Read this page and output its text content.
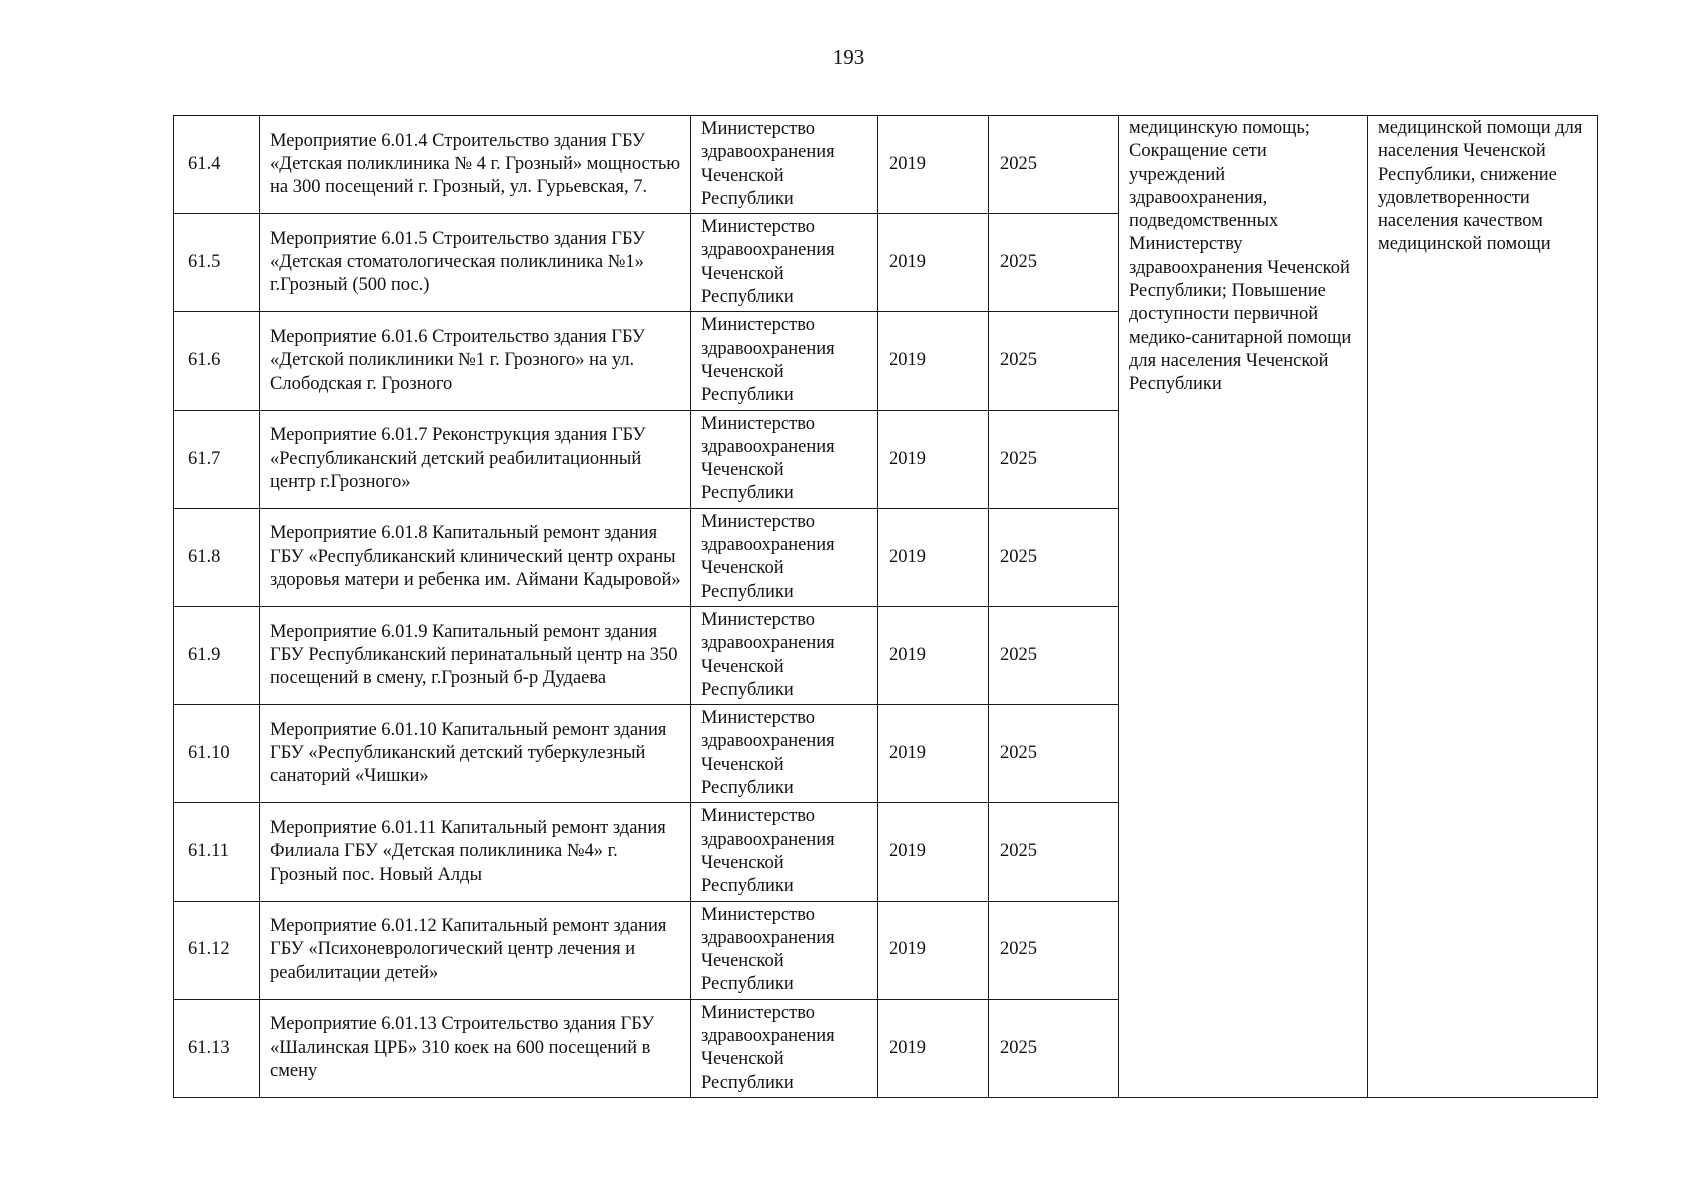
193
61.4	Мероприятие 6.01.4 Строительство здания ГБУ «Детская поликлиника № 4 г. Грозный» мощностью на 300 посещений г. Грозный, ул. Гурьевская, 7.	Министерство здравоохранения Чеченской Республики	2019	2025	медицинскую помощь; Сокращение сети учреждений здравоохранения, подведомственных Министерству здравоохранения Чеченской Республики; Повышение доступности первичной медико-санитарной помощи для населения Чеченской Республики	медицинской помощи для населения Чеченской Республики, снижение удовлетворенности населения качеством медицинской помощи
61.5	Мероприятие 6.01.5 Строительство здания ГБУ «Детская стоматологическая поликлиника №1» г.Грозный (500 пос.)	Министерство здравоохранения Чеченской Республики	2019	2025		
61.6	Мероприятие 6.01.6 Строительство здания ГБУ «Детской поликлиники №1 г. Грозного» на ул. Слободская г. Грозного	Министерство здравоохранения Чеченской Республики	2019	2025		
61.7	Мероприятие 6.01.7 Реконструкция здания ГБУ «Республиканский детский реабилитационный центр г.Грозного»	Министерство здравоохранения Чеченской Республики	2019	2025		
61.8	Мероприятие 6.01.8 Капитальный ремонт здания ГБУ «Республиканский клинический центр охраны здоровья матери и ребенка им. Аймани Кадыровой»	Министерство здравоохранения Чеченской Республики	2019	2025		
61.9	Мероприятие 6.01.9 Капитальный ремонт здания ГБУ Республиканский перинатальный центр на 350 посещений в смену, г.Грозный б-р Дудаева	Министерство здравоохранения Чеченской Республики	2019	2025		
61.10	Мероприятие 6.01.10 Капитальный ремонт здания ГБУ «Республиканский детский туберкулезный санаторий «Чишки»	Министерство здравоохранения Чеченской Республики	2019	2025		
61.11	Мероприятие 6.01.11 Капитальный ремонт здания Филиала ГБУ «Детская поликлиника №4» г. Грозный пос. Новый Алды	Министерство здравоохранения Чеченской Республики	2019	2025		
61.12	Мероприятие 6.01.12 Капитальный ремонт здания ГБУ «Психоневрологический центр лечения и реабилитации детей»	Министерство здравоохранения Чеченской Республики	2019	2025		
61.13	Мероприятие 6.01.13 Строительство здания ГБУ «Шалинская ЦРБ» 310 коек на 600 посещений в смену	Министерство здравоохранения Чеченской Республики	2019	2025		
